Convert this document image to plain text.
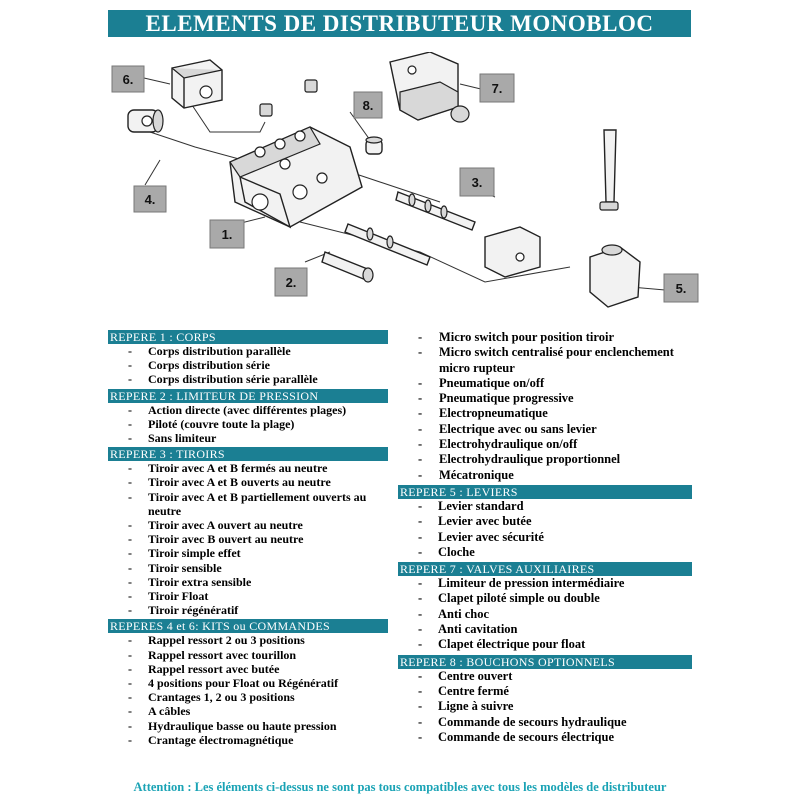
ELEMENTS DE DISTRIBUTEUR MONOBLOC
6.
4.
1.
2.
8.
7.
3.
5.
REPERE 1 : CORPS
- Corps distribution parallèle
- Corps distribution série
- Corps distribution série parallèle
REPERE 2 : LIMITEUR DE PRESSION
- Action directe (avec différentes plages)
- Piloté (couvre toute la plage)
- Sans limiteur
REPERE 3 : TIROIRS
- Tiroir avec A et B fermés au neutre
- Tiroir avec A et B ouverts au neutre
- Tiroir avec A et B partiellement ouverts au neutre
- Tiroir avec A ouvert au neutre
- Tiroir avec B ouvert au neutre
- Tiroir simple effet
- Tiroir sensible
- Tiroir extra sensible
- Tiroir Float
- Tiroir régénératif
REPERES 4 et 6: KITS ou COMMANDES
- Rappel ressort 2 ou 3 positions
- Rappel ressort avec tourillon
- Rappel ressort avec butée
- 4 positions pour Float ou Régénératif
- Crantages 1, 2 ou 3 positions
- A câbles
- Hydraulique basse ou haute pression
- Crantage électromagnétique
- Micro switch pour position tiroir
- Micro switch centralisé pour enclenchement micro rupteur
- Pneumatique on/off
- Pneumatique progressive
- Electropneumatique
- Electrique avec ou sans levier
- Electrohydraulique on/off
- Electrohydraulique proportionnel
- Mécatronique
REPERE 5 : LEVIERS
- Levier standard
- Levier avec butée
- Levier avec sécurité
- Cloche
REPERE 7 : VALVES AUXILIAIRES
- Limiteur de pression intermédiaire
- Clapet piloté simple ou double
- Anti choc
- Anti cavitation
- Clapet électrique pour float
REPERE 8 : BOUCHONS OPTIONNELS
- Centre ouvert
- Centre fermé
- Ligne à suivre
- Commande de secours hydraulique
- Commande de secours électrique
Attention : Les éléments ci-dessus ne sont pas tous compatibles avec tous les modèles de distributeur
